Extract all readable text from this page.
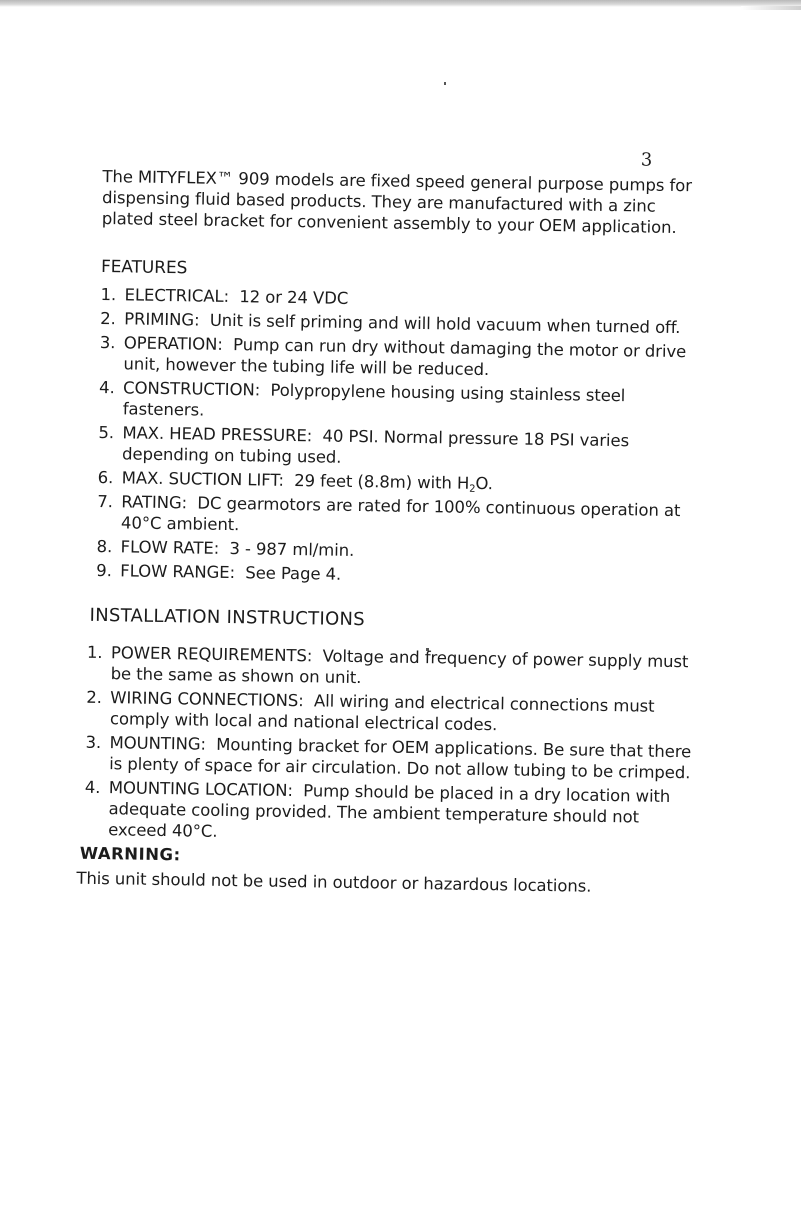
3

The MITYFLEX™ 909 models are fixed speed general purpose pumps for dispensing fluid based products. They are manufactured with a zinc plated steel bracket for convenient assembly to your OEM application.

FEATURES
1. ELECTRICAL: 12 or 24 VDC
2. PRIMING: Unit is self priming and will hold vacuum when turned off.
3. OPERATION: Pump can run dry without damaging the motor or drive unit, however the tubing life will be reduced.
4. CONSTRUCTION: Polypropylene housing using stainless steel fasteners.
5. MAX. HEAD PRESSURE: 40 PSI. Normal pressure 18 PSI varies depending on tubing used.
6. MAX. SUCTION LIFT: 29 feet (8.8m) with $H_2O$.
7. RATING: DC gearmotors are rated for 100% continuous operation at 40°C ambient.
8. FLOW RATE: 3 - 987 ml/min.
9. FLOW RANGE: See Page 4.
INSTALLATION INSTRUCTIONS
1. POWER REQUIREMENTS: Voltage and frequency of power supply must be the same as shown on unit.
2. WIRING CONNECTIONS: All wiring and electrical connections must comply with local and national electrical codes.
3. MOUNTING: Mounting bracket for OEM applications. Be sure that there is plenty of space for air circulation. Do not allow tubing to be crimped.
4. MOUNTING LOCATION: Pump should be placed in a dry location with adequate cooling provided. The ambient temperature should not exceed 40°C.
WARNING:
This unit should not be used in outdoor or hazardous locations.
